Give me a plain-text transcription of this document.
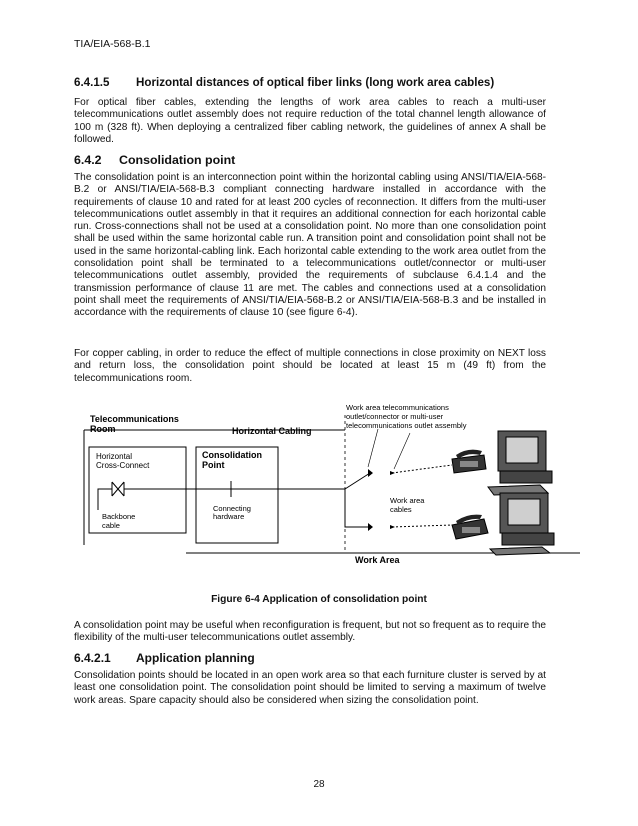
TIA/EIA-568-B.1
6.4.1.5 Horizontal distances of optical fiber links (long work area cables)
For optical fiber cables, extending the lengths of work area cables to reach a multi-user telecommunications outlet assembly does not require reduction of the total channel length allowance of 100 m (328 ft). When deploying a centralized fiber cabling network, the guidelines of annex A shall be followed.
6.4.2 Consolidation point
The consolidation point is an interconnection point within the horizontal cabling using ANSI/TIA/EIA-568-B.2 or ANSI/TIA/EIA-568-B.3 compliant connecting hardware installed in accordance with the requirements of clause 10 and rated for at least 200 cycles of reconnection. It differs from the multi-user telecommunications outlet assembly in that it requires an additional connection for each horizontal cable run. Cross-connections shall not be used at a consolidation point. No more than one consolidation point shall be used within the same horizontal cable run. A transition point and consolidation point shall not be used in the same horizontal-cabling link. Each horizontal cable extending to the work area outlet from the consolidation point shall be terminated to a telecommunications outlet/connector or multi-user telecommunications outlet assembly, provided the requirements of subclause 6.4.1.4 and the transmission performance of clause 11 are met. The cables and connections used at a consolidation point shall meet the requirements of ANSI/TIA/EIA-568-B.2 or ANSI/TIA/EIA-568-B.3 and be installed in accordance with the requirements of clause 10 (see figure 6-4).
For copper cabling, in order to reduce the effect of multiple connections in close proximity on NEXT loss and return loss, the consolidation point should be located at least 15 m (49 ft) from the telecommunications room.
Telecommunications
Room	Horizontal Cabling
Horizontal
Cross-Connect
Consolidation
Point
Backbone
cable
Connecting
hardware
Work area telecommunications
outlet/connector or multi-user
telecommunications outlet assembly
Work area
cables
Work Area
Figure 6-4 Application of consolidation point
A consolidation point may be useful when reconfiguration is frequent, but not so frequent as to require the flexibility of the multi-user telecommunications outlet assembly.
6.4.2.1 Application planning
Consolidation points should be located in an open work area so that each furniture cluster is served by at least one consolidation point. The consolidation point should be limited to serving a maximum of twelve work areas. Spare capacity should also be considered when sizing the consolidation point.
28
